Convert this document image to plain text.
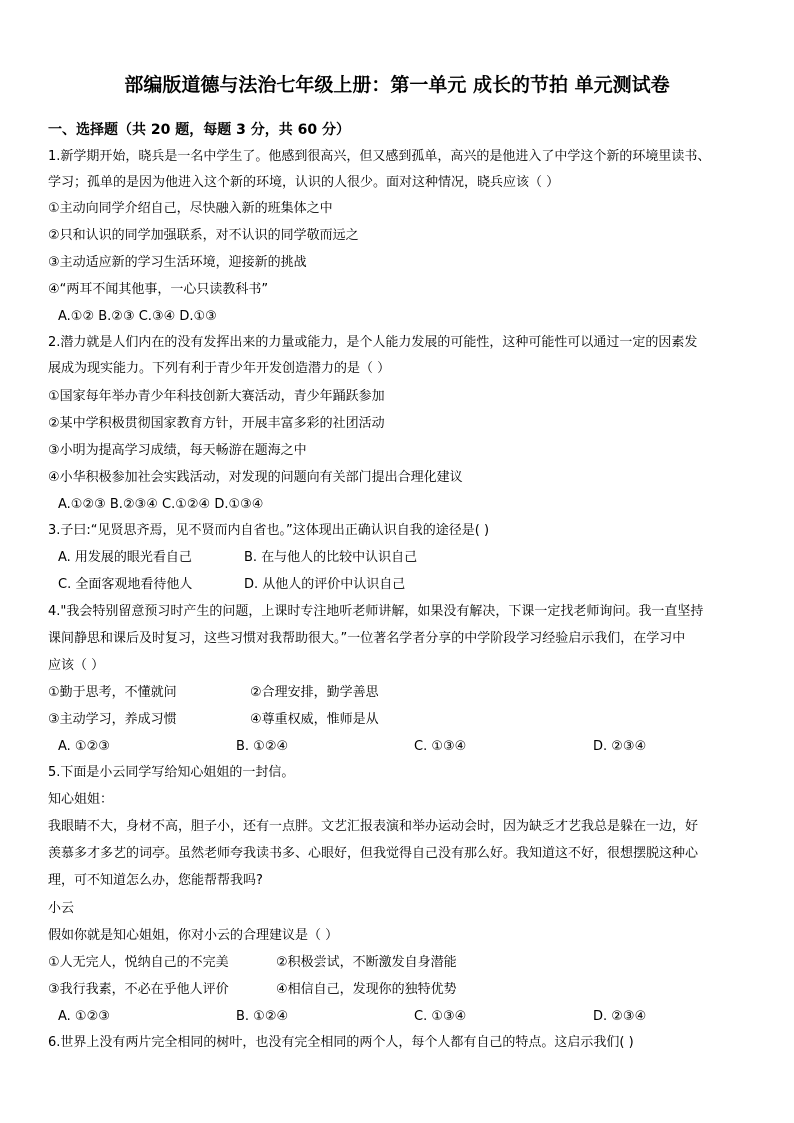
部编版道德与法治七年级上册：第一单元 成长的节拍 单元测试卷
一、选择题（共 20 题，每题 3 分，共 60 分）
1.新学期开始，晓兵是一名中学生了。他感到很高兴，但又感到孤单，高兴的是他进入了中学这个新的环境里读书、
学习；孤单的是因为他进入这个新的环境，认识的人很少。面对这种情况，晓兵应该（ ）
①主动向同学介绍自己，尽快融入新的班集体之中
②只和认识的同学加强联系，对不认识的同学敬而远之
③主动适应新的学习生活环境，迎接新的挑战
④“两耳不闻其他事，一心只读教科书”
A.①② B.②③ C.③④ D.①③
2.潜力就是人们内在的没有发挥出来的力量或能力，是个人能力发展的可能性，这种可能性可以通过一定的因素发
展成为现实能力。下列有利于青少年开发创造潜力的是（ ）
①国家每年举办青少年科技创新大赛活动，青少年踊跃参加
②某中学积极贯彻国家教育方针，开展丰富多彩的社团活动
③小明为提高学习成绩，每天畅游在题海之中
④小华积极参加社会实践活动，对发现的问题向有关部门提出合理化建议
A.①②③ B.②③④ C.①②④ D.①③④
3.子曰:“见贤思齐焉，见不贤而内自省也。”这体现出正确认识自我的途径是( )
A. 用发展的眼光看自己	B. 在与他人的比较中认识自己
C. 全面客观地看待他人	D. 从他人的评价中认识自己
4."我会特别留意预习时产生的问题，上课时专注地听老师讲解，如果没有解决，下课一定找老师询问。我一直坚持
课间静思和课后及时复习，这些习惯对我帮助很大。”一位著名学者分享的中学阶段学习经验启示我们，在学习中
应该（ ）
①勤于思考，不懂就问	②合理安排，勤学善思
③主动学习，养成习惯	④尊重权威，惟师是从
A. ①②③	B. ①②④	C. ①③④	D. ②③④
5.下面是小云同学写给知心姐姐的一封信。
知心姐姐：
我眼睛不大，身材不高，胆子小，还有一点胖。文艺汇报表演和举办运动会时，因为缺乏才艺我总是躲在一边，好
羡慕多才多艺的词亭。虽然老师夸我读书多、心眼好，但我觉得自己没有那么好。我知道这不好，很想摆脱这种心
理，可不知道怎么办，您能帮帮我吗?
小云
假如你就是知心姐姐，你对小云的合理建议是（ ）
①人无完人，悦纳自己的不完美	②积极尝试，不断激发自身潜能
③我行我素，不必在乎他人评价	④相信自己，发现你的独特优势
A. ①②③	B. ①②④	C. ①③④	D. ②③④
6.世界上没有两片完全相同的树叶，也没有完全相同的两个人，每个人都有自己的特点。这启示我们( )
